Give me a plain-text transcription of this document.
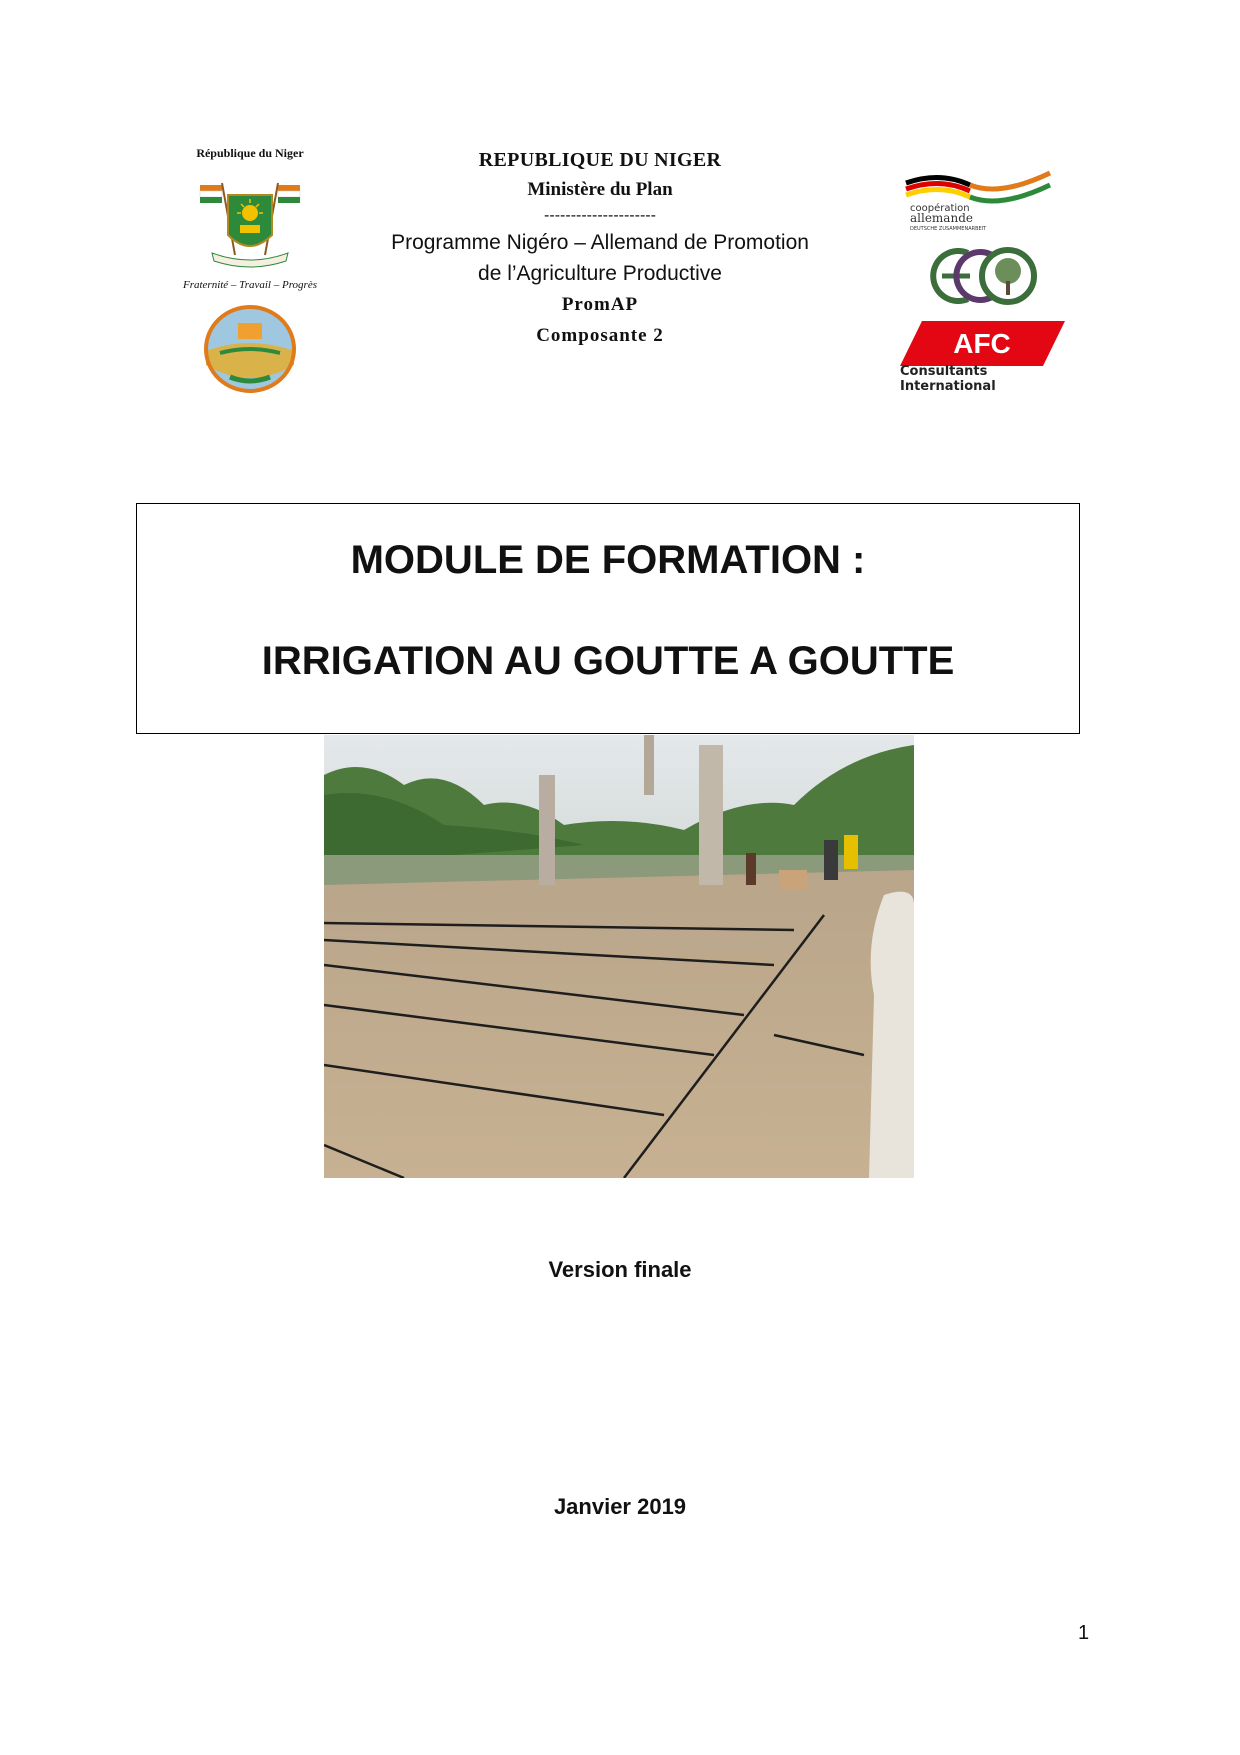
République du Niger
Fraternité – Travail – Progrès
REPUBLIQUE DU NIGER
Ministère du Plan
---------------------
Programme Nigéro – Allemand de Promotion
de l’Agriculture Productive
PromAP
Composante 2
coopération
allemande
DEUTSCHE ZUSAMMENARBEIT
AFC
Consultants International
MODULE DE FORMATION :
IRRIGATION AU GOUTTE A GOUTTE
Version finale
Janvier 2019
1
